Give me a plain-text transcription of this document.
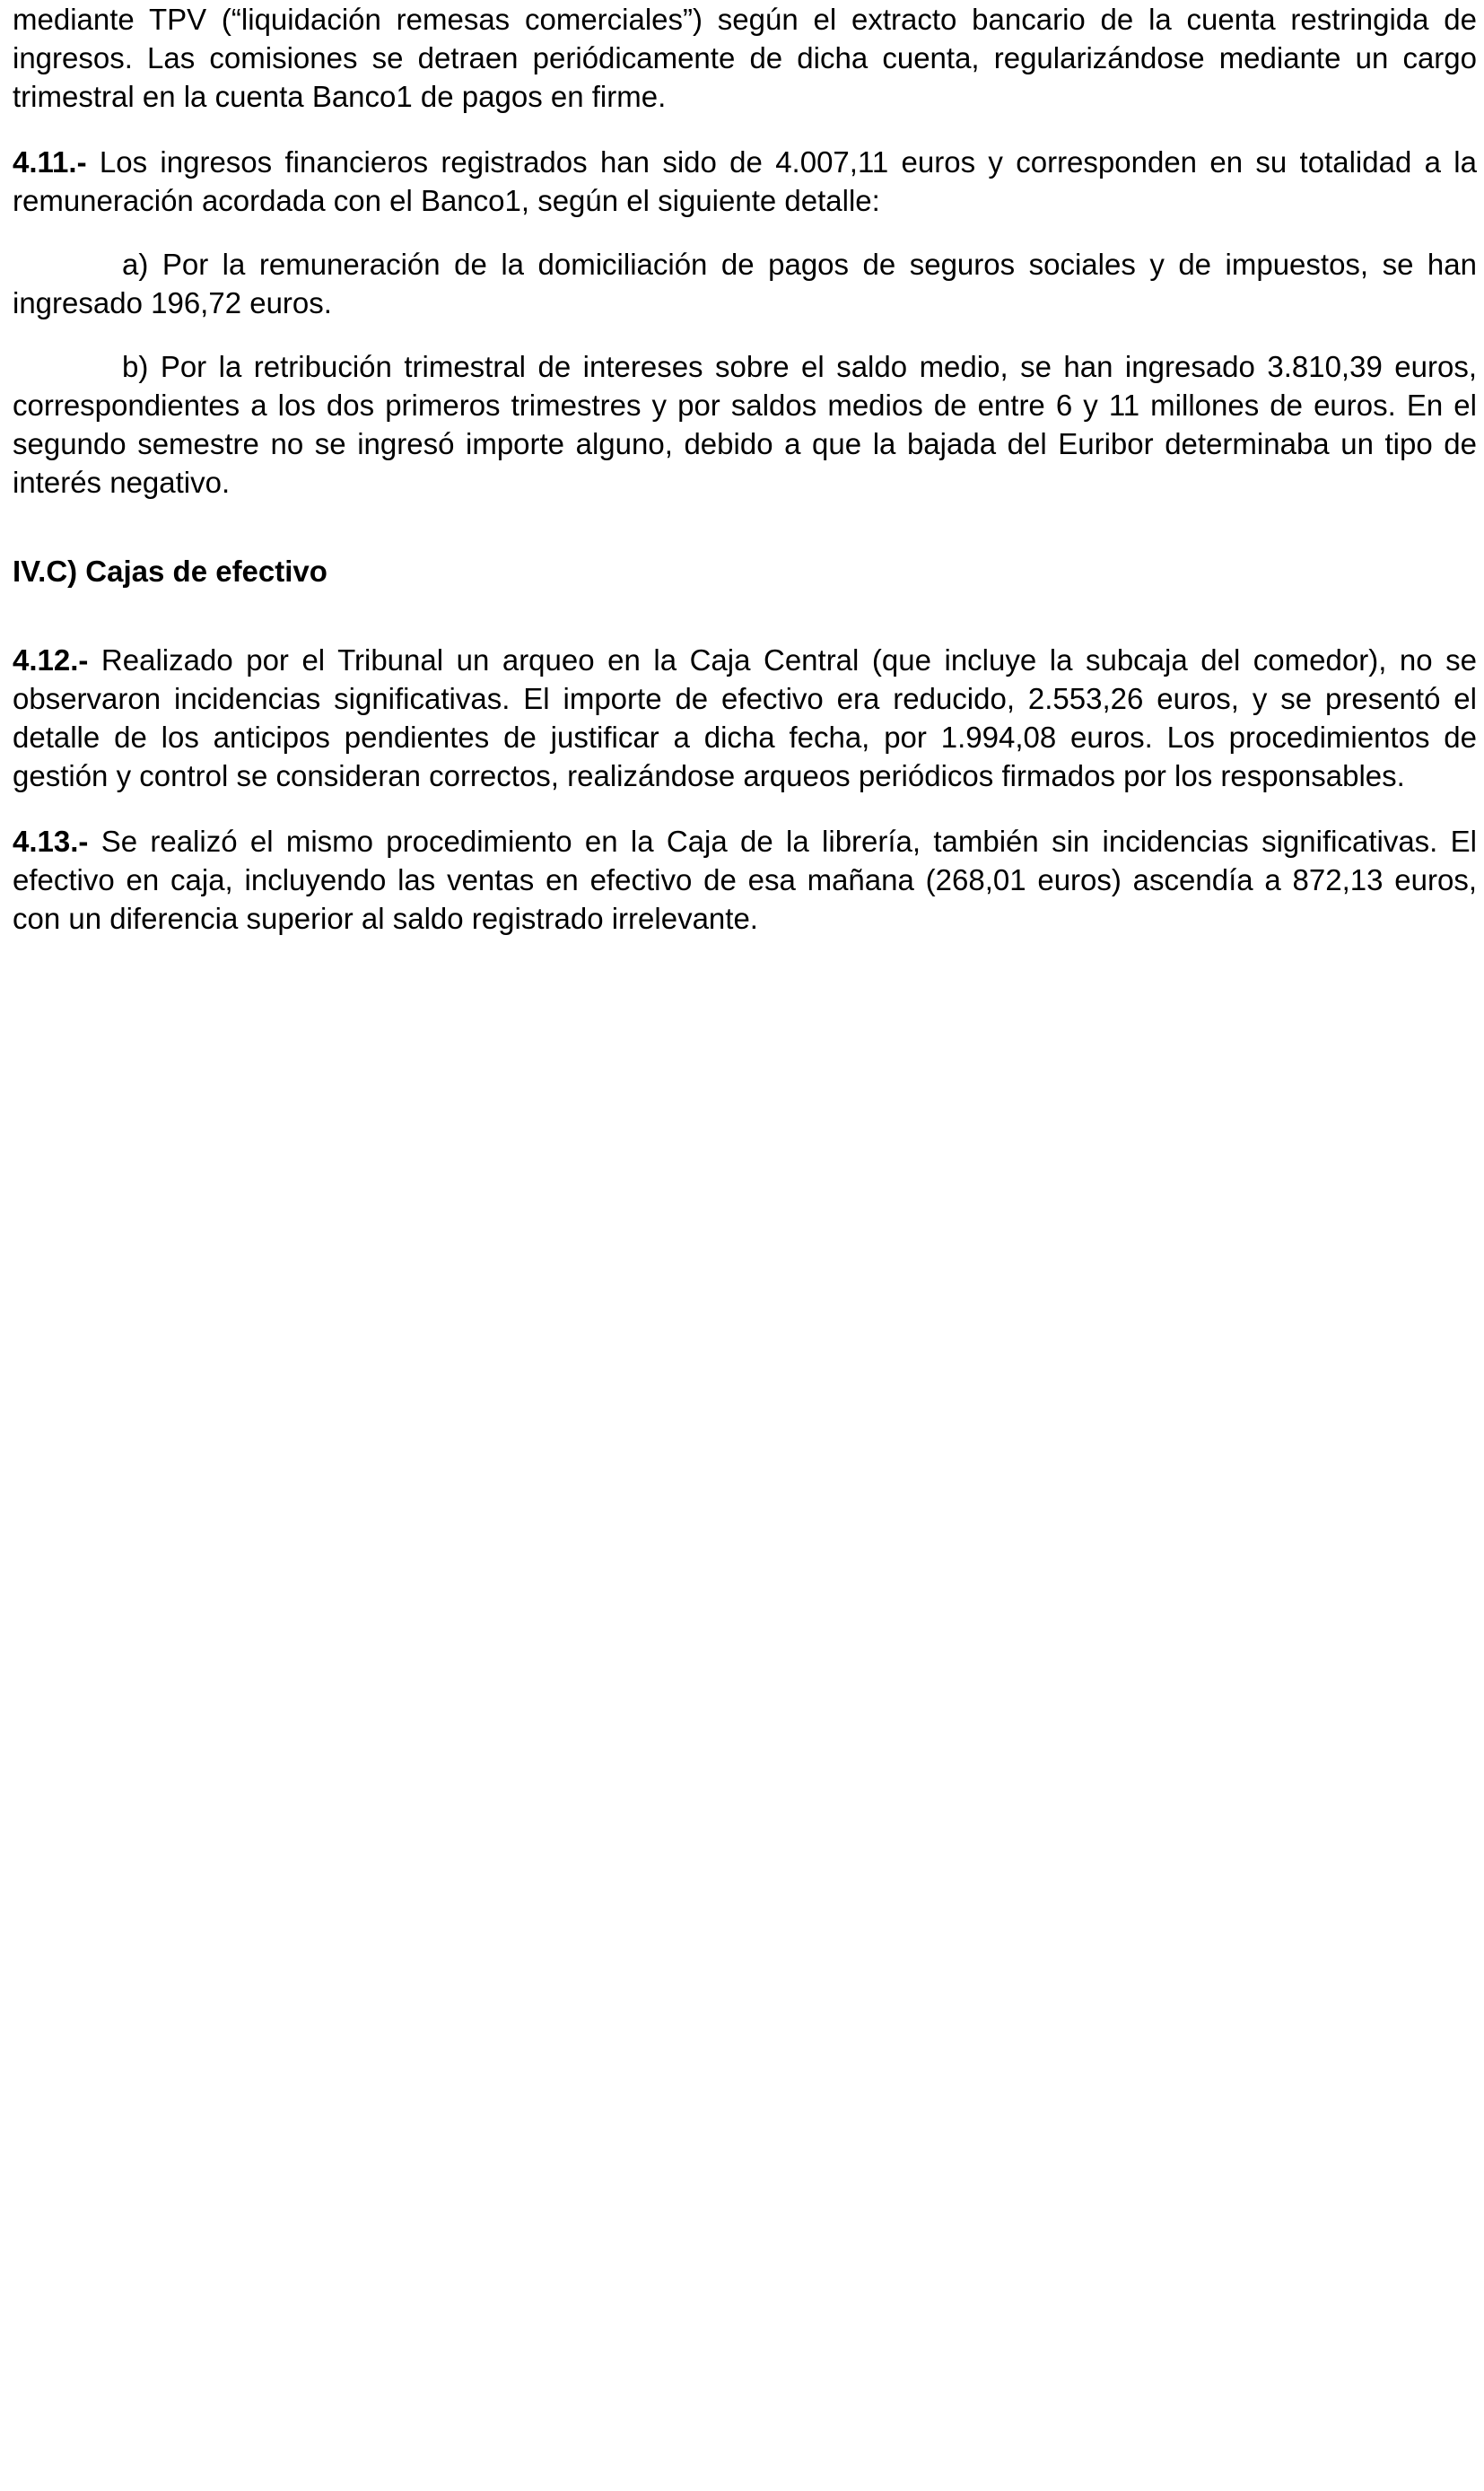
mediante TPV (“liquidación remesas comerciales”) según el extracto bancario de la cuenta restringida de ingresos. Las comisiones se detraen periódicamente de dicha cuenta, regularizándose mediante un cargo trimestral en la cuenta Banco1 de pagos en firme.

4.11.- Los ingresos financieros registrados han sido de 4.007,11 euros y corresponden en su totalidad a la remuneración acordada con el Banco1, según el siguiente detalle:

a) Por la remuneración de la domiciliación de pagos de seguros sociales y de impuestos, se han ingresado 196,72 euros.

b) Por la retribución trimestral de intereses sobre el saldo medio, se han ingresado 3.810,39 euros, correspondientes a los dos primeros trimestres y por saldos medios de entre 6 y 11 millones de euros. En el segundo semestre no se ingresó importe alguno, debido a que la bajada del Euribor determinaba un tipo de interés negativo.

IV.C) Cajas de efectivo

4.12.- Realizado por el Tribunal un arqueo en la Caja Central (que incluye la subcaja del comedor), no se observaron incidencias significativas. El importe de efectivo era reducido, 2.553,26 euros, y se presentó el detalle de los anticipos pendientes de justificar a dicha fecha, por 1.994,08 euros. Los procedimientos de gestión y control se consideran correctos, realizándose arqueos periódicos firmados por los responsables.

4.13.- Se realizó el mismo procedimiento en la Caja de la librería, también sin incidencias significativas. El efectivo en caja, incluyendo las ventas en efectivo de esa mañana (268,01 euros) ascendía a 872,13 euros, con un diferencia superior al saldo registrado irrelevante.
